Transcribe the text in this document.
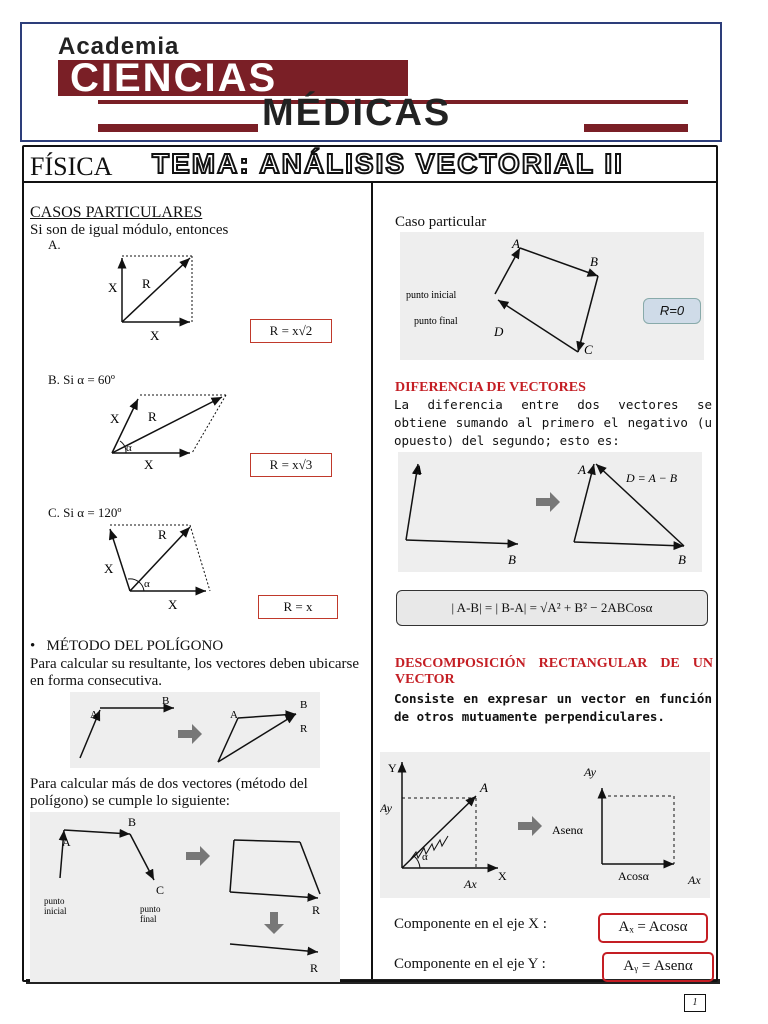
Academia
CIENCIAS
MÉDICAS
FÍSICA TEMA: ANÁLISIS VECTORIAL II
CASOS PARTICULARES
Si son de igual módulo, entonces
A.
X R
X	R = x√2
B. Si α = 60º
X R
α
X	R = x√3
C. Si α = 120º
X
R
α
X	R = x
•   MÉTODO DEL POLÍGONO
Para calcular su resultante, los vectores deben ubicarse en forma consecutiva.
A
B
A
B
R
Para calcular más de dos vectores (método del polígono) se cumple lo siguiente:
A
B
C
punto
inicial	punto
final
R
R
Caso particular
A
B
C
D
punto inicial
punto final
R=0
DIFERENCIA DE VECTORES
La diferencia entre dos vectores se obtiene sumando al primero el negativo (u opuesto) del segundo; esto es:
A
B
A
D = A − B
B
| A-B| = | B-A| = √A² + B² − 2ABCosα
DESCOMPOSICIÓN RECTANGULAR DE UN VECTOR
Consiste en expresar un vector en función de otros mutuamente perpendiculares.
Y
X
A
Ay
Ax
α
Asenα
Ay
Acosα	Ax
Componente en el eje X :	Aₓ = Acosα
Componente en el eje Y :	Aᵧ = Asenα
1
